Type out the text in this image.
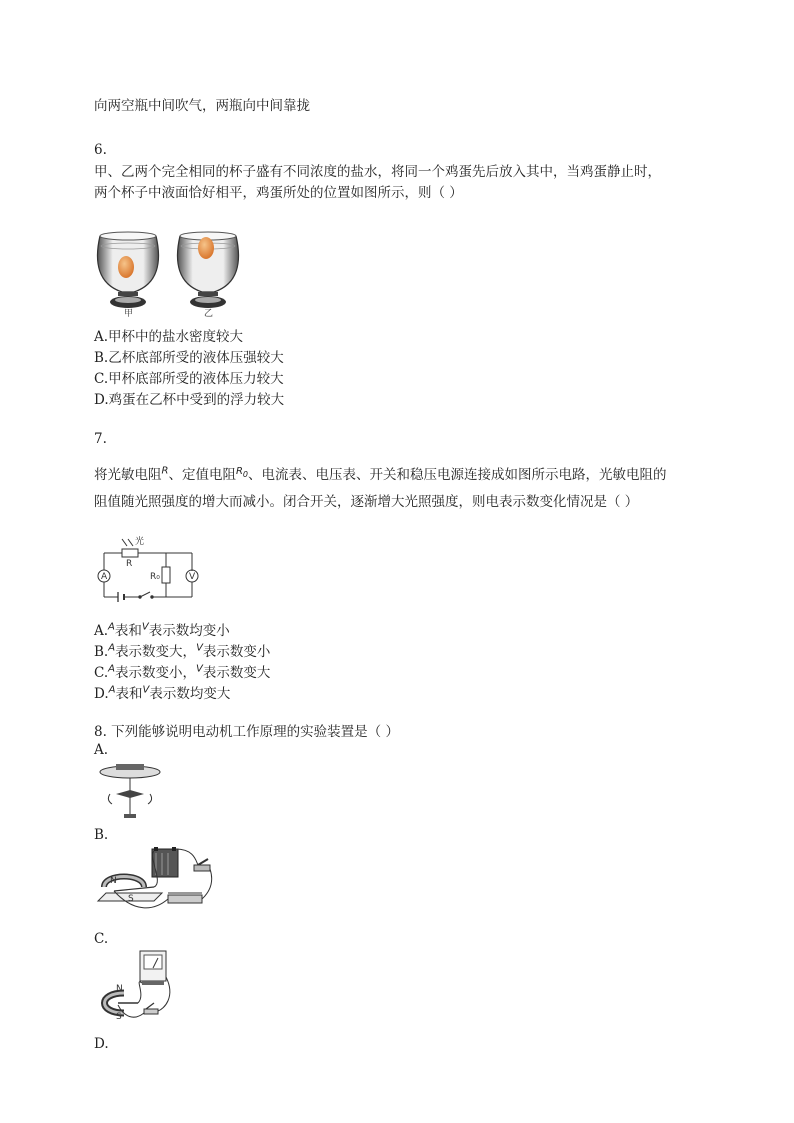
向两空瓶中间吹气，两瓶向中间靠拢
6.
甲、乙两个完全相同的杯子盛有不同浓度的盐水，将同一个鸡蛋先后放入其中，当鸡蛋静止时，
两个杯子中液面恰好相平，鸡蛋所处的位置如图所示，则（ ）
甲	乙
A.甲杯中的盐水密度较大
B.乙杯底部所受的液体压强较大
C.甲杯底部所受的液体压力较大
D.鸡蛋在乙杯中受到的浮力较大
7.
将光敏电阻$^R$、定值电阻$^{R_0}$、电流表、电压表、开关和稳压电源连接成如图所示电路，光敏电阻的
阻值随光照强度的增大而减小。闭合开关，逐渐增大光照强度，则电表示数变化情况是（ ）
光
R
R₀
A	V
A.$^A$表和$^V$表示数均变小
B.$^A$表示数变大，$^V$表示数变小
C.$^A$表示数变小，$^V$表示数变大
D.$^A$表和$^V$表示数均变大
8. 下列能够说明电动机工作原理的实验装置是（ ）
A.
B.
N
S
C.
N
S
D.
